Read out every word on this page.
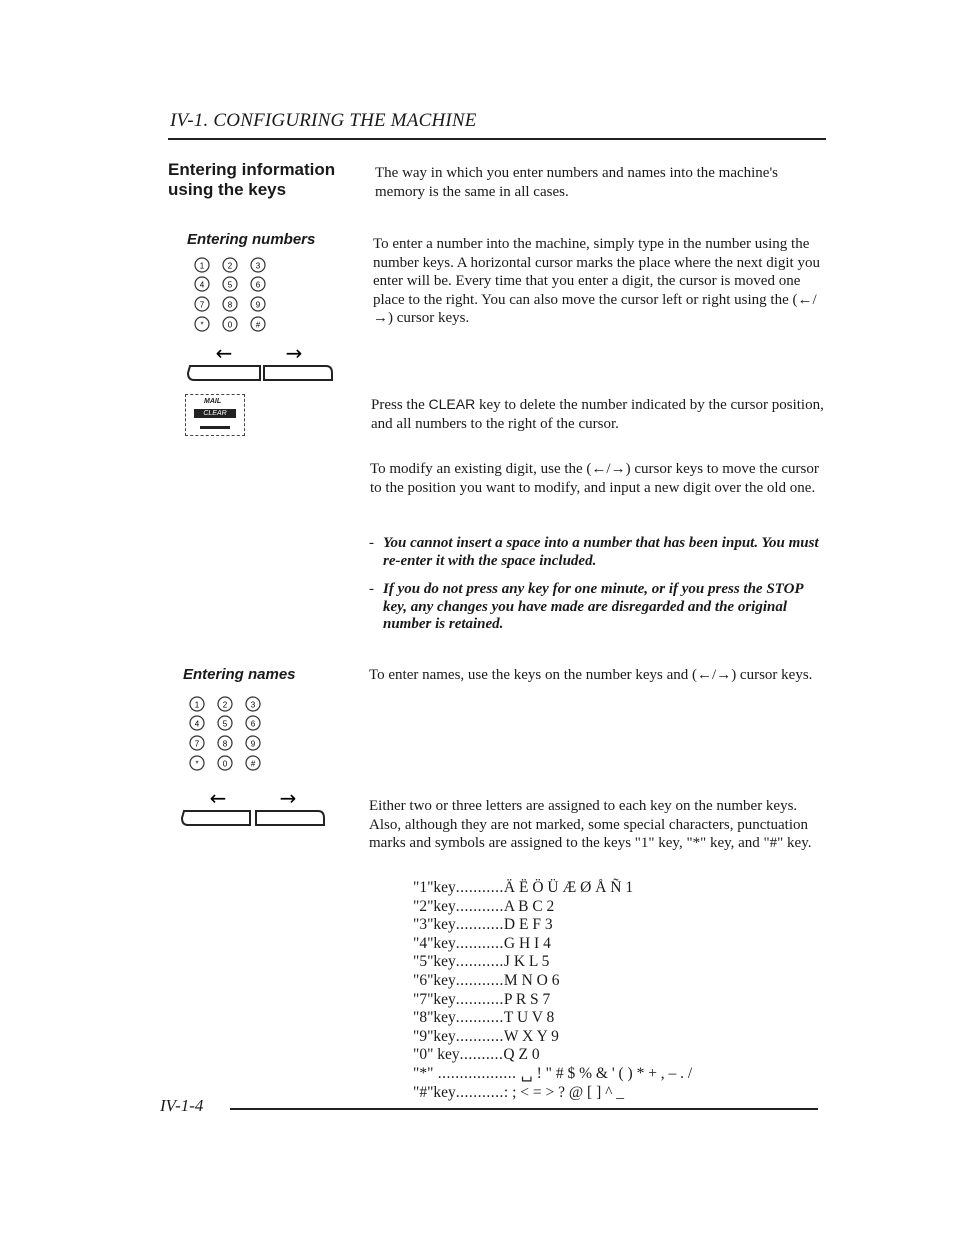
IV-1. CONFIGURING THE MACHINE
Entering information
using the keys
The way in which you enter numbers and names into the machine's memory is the same in all cases.
Entering numbers	To enter a number into the machine, simply type in the number using the number keys. A horizontal cursor marks the place where the next digit you enter will be. Every time that you enter a digit, the cursor is moved one place to the right. You can also move the cursor left or right using the (←/→) cursor keys.
1	2	3
4	5	6
7	8	9
*	0	#
←	→
MAIL
CLEAR
Press the CLEAR key to delete the number indicated by the cursor position, and all numbers to the right of the cursor.
To modify an existing digit, use the (←/→) cursor keys to move the cursor to the position you want to modify, and input a new digit over the old one.
- You cannot insert a space into a number that has been input. You must re-enter it with the space included.
- If you do not press any key for one minute, or if you press the STOP key, any changes you have made are disregarded and the original number is retained.
Entering names	To enter names, use the keys on the number keys and (←/→) cursor keys.
1	2	3
4	5	6
7	8	9
*	0	#
←	→	Either two or three letters are assigned to each key on the number keys. Also, although they are not marked, some special characters, punctuation marks and symbols are assigned to the keys "1" key, "*" key, and "#" key.
"1"key...........Ä Ë Ö Ü Æ Ø Å Ñ 1
"2"key...........A B C 2
"3"key...........D E F 3
"4"key...........G H I 4
"5"key...........J K L 5
"6"key...........M N O 6
"7"key...........P R S 7
"8"key...........T U V 8
"9"key...........W X Y 9
"0" key..........Q Z 0
"*" .................. ␣ ! " # $ % & ' ( ) * + , – . /
"#"key...........: ; < = > ? @ [ ] ^ _
IV-1-4
